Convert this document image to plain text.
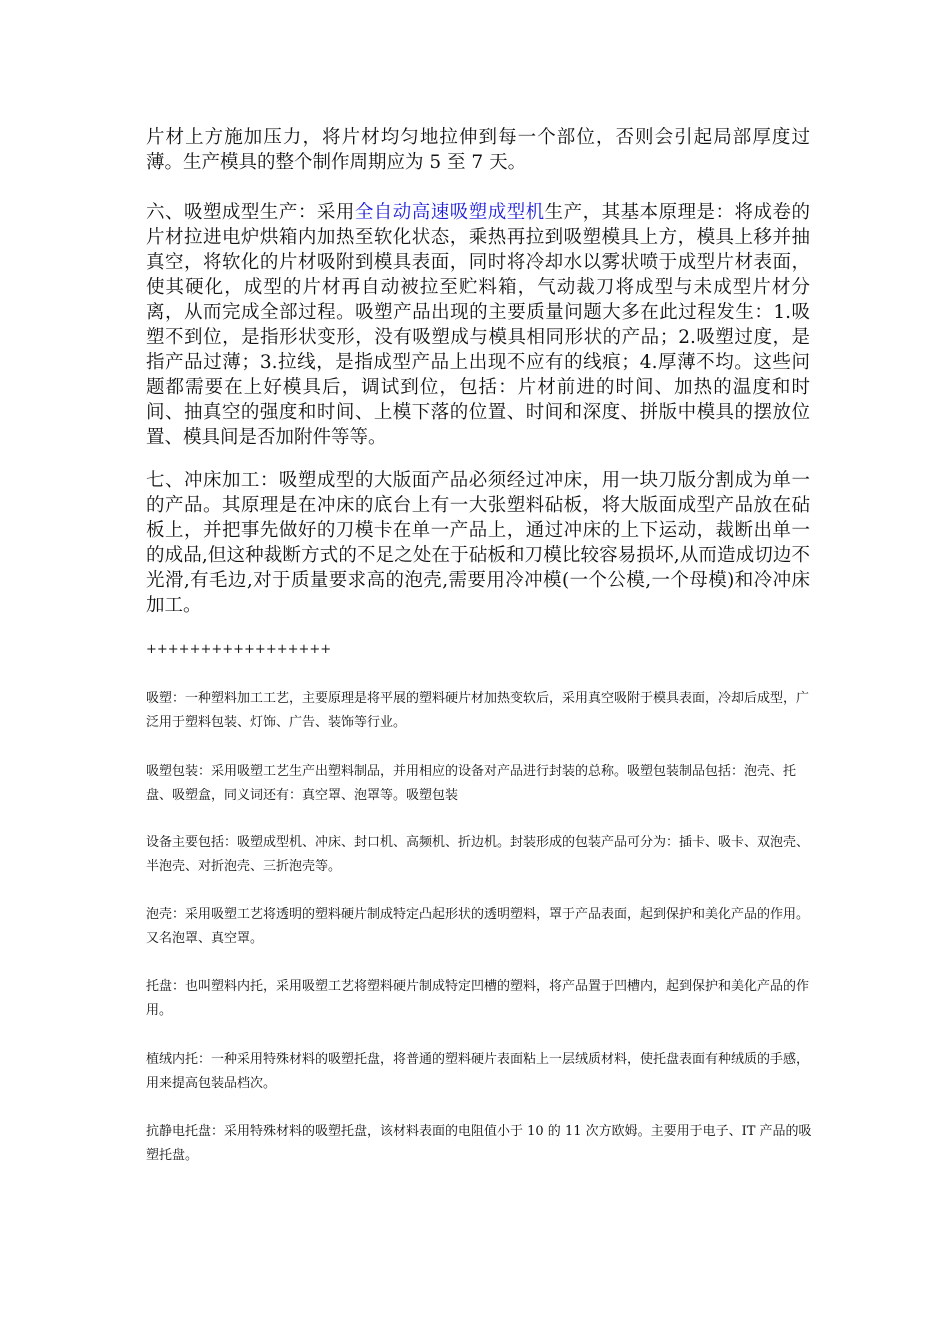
片材上方施加压力，将片材均匀地拉伸到每一个部位，否则会引起局部厚度过薄。生产模具的整个制作周期应为 5 至 7 天。

六、吸塑成型生产：采用全自动高速吸塑成型机生产，其基本原理是：将成卷的片材拉进电炉烘箱内加热至软化状态，乘热再拉到吸塑模具上方，模具上移并抽真空，将软化的片材吸附到模具表面，同时将冷却水以雾状喷于成型片材表面，使其硬化，成型的片材再自动被拉至贮料箱，气动裁刀将成型与未成型片材分离，从而完成全部过程。吸塑产品出现的主要质量问题大多在此过程发生：1.吸塑不到位，是指形状变形，没有吸塑成与模具相同形状的产品；2.吸塑过度，是指产品过薄；3.拉线，是指成型产品上出现不应有的线痕；4.厚薄不均。这些问题都需要在上好模具后，调试到位，包括：片材前进的时间、加热的温度和时间、抽真空的强度和时间、上模下落的位置、时间和深度、拼版中模具的摆放位置、模具间是否加附件等等。

七、冲床加工：吸塑成型的大版面产品必须经过冲床，用一块刀版分割成为单一的产品。其原理是在冲床的底台上有一大张塑料砧板，将大版面成型产品放在砧板上，并把事先做好的刀模卡在单一产品上，通过冲床的上下运动，裁断出单一的成品,但这种裁断方式的不足之处在于砧板和刀模比较容易损坏,从而造成切边不光滑,有毛边,对于质量要求高的泡壳,需要用冷冲模(一个公模,一个母模)和冷冲床加工。

+++++++++++++++++

吸塑：一种塑料加工工艺，主要原理是将平展的塑料硬片材加热变软后，采用真空吸附于模具表面，冷却后成型，广泛用于塑料包装、灯饰、广告、装饰等行业。

吸塑包装：采用吸塑工艺生产出塑料制品，并用相应的设备对产品进行封装的总称。吸塑包装制品包括：泡壳、托盘、吸塑盒，同义词还有：真空罩、泡罩等。吸塑包装

设备主要包括：吸塑成型机、冲床、封口机、高频机、折边机。封装形成的包装产品可分为：插卡、吸卡、双泡壳、半泡壳、对折泡壳、三折泡壳等。

泡壳：采用吸塑工艺将透明的塑料硬片制成特定凸起形状的透明塑料，罩于产品表面，起到保护和美化产品的作用。又名泡罩、真空罩。

托盘：也叫塑料内托，采用吸塑工艺将塑料硬片制成特定凹槽的塑料，将产品置于凹槽内，起到保护和美化产品的作用。

植绒内托：一种采用特殊材料的吸塑托盘，将普通的塑料硬片表面粘上一层绒质材料，使托盘表面有种绒质的手感，用来提高包装品档次。

抗静电托盘：采用特殊材料的吸塑托盘，该材料表面的电阻值小于 10 的 11 次方欧姆。主要用于电子、IT 产品的吸塑托盘。
